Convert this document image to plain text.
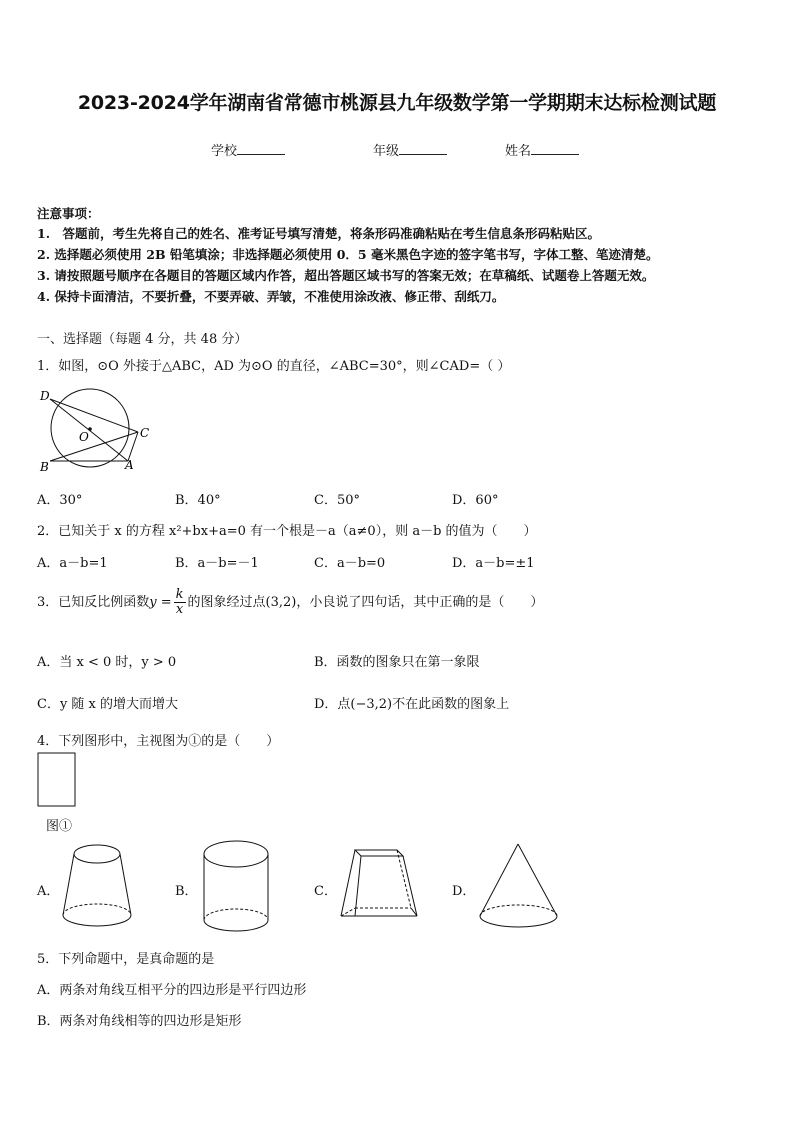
2023-2024学年湖南省常德市桃源县九年级数学第一学期期末达标检测试题
学校	年级	姓名
注意事项：
1.　答题前，考生先将自己的姓名、准考证号填写清楚，将条形码准确粘贴在考生信息条形码粘贴区。
2. 选择题必须使用 2B 铅笔填涂；非选择题必须使用 0．5 毫米黑色字迹的签字笔书写，字体工整、笔迹清楚。
3. 请按照题号顺序在各题目的答题区域内作答，超出答题区域书写的答案无效；在草稿纸、试题卷上答题无效。
4. 保持卡面清洁，不要折叠，不要弄破、弄皱，不准使用涂改液、修正带、刮纸刀。
一、选择题（每题 4 分，共 48 分）
1．如图，⊙O 外接于△ABC，AD 为⊙O 的直径，∠ABC=30°，则∠CAD=（ ）
D
O	C
B	A
A．30°	B．40°	C．50°	D．60°
2．已知关于 x 的方程 x²+bx+a=0 有一个根是－a（a≠0），则 a－b 的值为（　　）
A．a－b=1	B．a－b=－1	C．a－b=0	D．a－b=±1
3．已知反比例函数$y = \frac{k}{x}$ 的图象经过点(3,2)，小良说了四句话，其中正确的是（　　）
A．当 x < 0 时，y > 0	B．函数的图象只在第一象限
C．y 随 x 的增大而增大	D．点(−3,2)不在此函数的图象上
4．下列图形中，主视图为①的是（　　）
图①
A．	B．	C．	D．
5．下列命题中，是真命题的是
A．两条对角线互相平分的四边形是平行四边形
B．两条对角线相等的四边形是矩形
